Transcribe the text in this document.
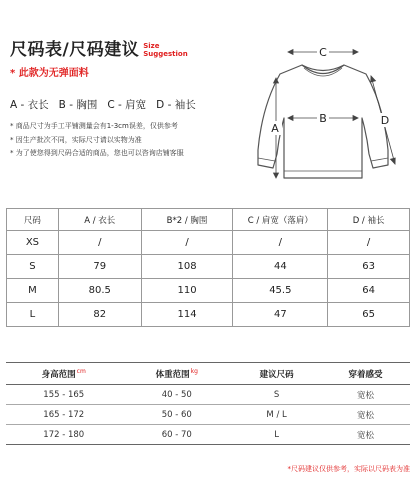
尺码表/尺码建议 Size
Suggestion
* 此款为无弹面料
A - 衣长   B - 胸围   C - 肩宽   D - 袖长
* 商品尺寸为手工平铺测量会有1-3cm误差，仅供参考
* 因生产批次不同，实际尺寸请以实物为准
* 为了使您得到尺码合适的商品，您也可以咨询店铺客服
C
B
A
D
尺码	A / 衣长	B*2 / 胸围	C / 肩宽（落肩）	D / 袖长
XS	/	/	/	/
S	79	108	44	63
M	80.5	110	45.5	64
L	82	114	47	65
身高范围$^{cm}$	体重范围$^{kg}$	建议尺码	穿着感受
155 - 165	40 - 50	S	宽松
165 - 172	50 - 60	M / L	宽松
172 - 180	60 - 70	L	宽松
*尺码建议仅供参考，实际以尺码表为准
